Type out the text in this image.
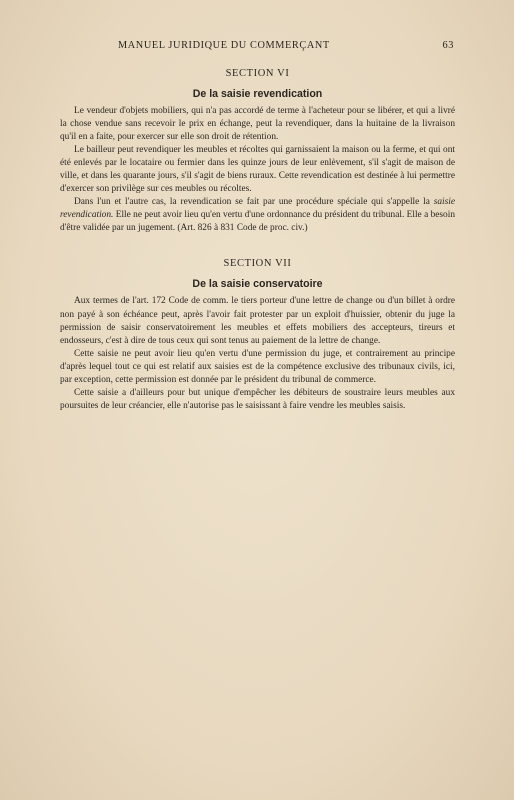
MANUEL JURIDIQUE DU COMMERÇANT	63

SECTION VI

De la saisie revendication

Le vendeur d'objets mobiliers, qui n'a pas accordé de terme à l'acheteur pour se libérer, et qui a livré la chose vendue sans recevoir le prix en échange, peut la revendiquer, dans la huitaine de la livraison qu'il en a faite, pour exercer sur elle son droit de rétention.

Le bailleur peut revendiquer les meubles et récoltes qui garnissaient la maison ou la ferme, et qui ont été enlevés par le locataire ou fermier dans les quinze jours de leur enlèvement, s'il s'agit de maison de ville, et dans les quarante jours, s'il s'agit de biens ruraux. Cette revendication est destinée à lui permettre d'exercer son privilège sur ces meubles ou récoltes.

Dans l'un et l'autre cas, la revendication se fait par une procédure spéciale qui s'appelle la saisie revendication. Elle ne peut avoir lieu qu'en vertu d'une ordonnance du président du tribunal. Elle a besoin d'être validée par un jugement. (Art. 826 à 831 Code de proc. civ.)

SECTION VII

De la saisie conservatoire

Aux termes de l'art. 172 Code de comm. le tiers porteur d'une lettre de change ou d'un billet à ordre non payé à son échéance peut, après l'avoir fait protester par un exploit d'huissier, obtenir du juge la permission de saisir conservatoirement les meubles et effets mobiliers des accepteurs, tireurs et endosseurs, c'est à dire de tous ceux qui sont tenus au paiement de la lettre de change.

Cette saisie ne peut avoir lieu qu'en vertu d'une permission du juge, et contrairement au principe d'après lequel tout ce qui est relatif aux saisies est de la compétence exclusive des tribunaux civils, ici, par exception, cette permission est donnée par le président du tribunal de commerce.

Cette saisie a d'ailleurs pour but unique d'empêcher les débiteurs de soustraire leurs meubles aux poursuites de leur créancier, elle n'autorise pas le saisissant à faire vendre les meubles saisis.
